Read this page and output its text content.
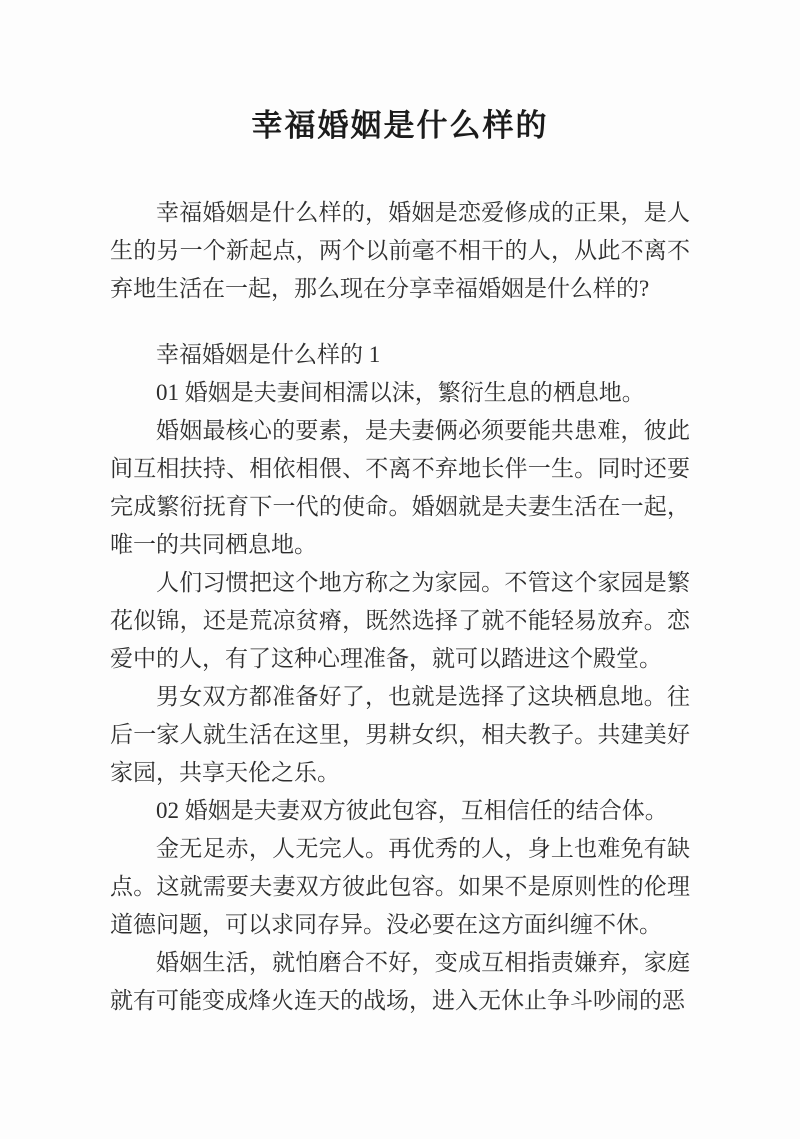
幸福婚姻是什么样的

幸福婚姻是什么样的，婚姻是恋爱修成的正果，是人生的另一个新起点，两个以前毫不相干的人，从此不离不弃地生活在一起，那么现在分享幸福婚姻是什么样的?

幸福婚姻是什么样的 1

01 婚姻是夫妻间相濡以沫，繁衍生息的栖息地。

婚姻最核心的要素，是夫妻俩必须要能共患难，彼此间互相扶持、相依相偎、不离不弃地长伴一生。同时还要完成繁衍抚育下一代的使命。婚姻就是夫妻生活在一起，唯一的共同栖息地。

人们习惯把这个地方称之为家园。不管这个家园是繁花似锦，还是荒凉贫瘠，既然选择了就不能轻易放弃。恋爱中的人，有了这种心理准备，就可以踏进这个殿堂。

男女双方都准备好了，也就是选择了这块栖息地。往后一家人就生活在这里，男耕女织，相夫教子。共建美好家园，共享天伦之乐。

02 婚姻是夫妻双方彼此包容，互相信任的结合体。

金无足赤，人无完人。再优秀的人，身上也难免有缺点。这就需要夫妻双方彼此包容。如果不是原则性的伦理道德问题，可以求同存异。没必要在这方面纠缠不休。

婚姻生活，就怕磨合不好，变成互相指责嫌弃，家庭就有可能变成烽火连天的战场，进入无休止争斗吵闹的恶
